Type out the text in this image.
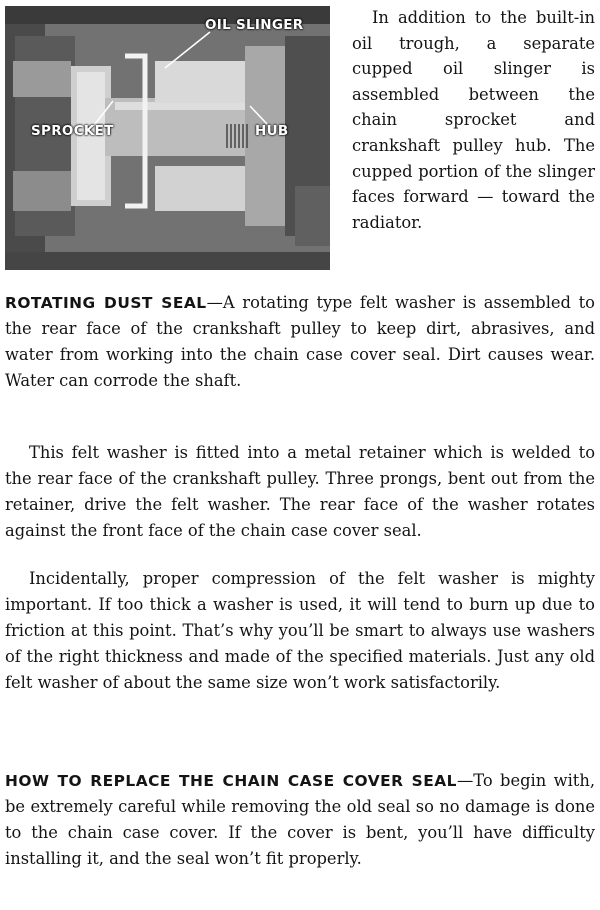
OIL SLINGER
SPROCKET	HUB

In addition to the built-in oil trough, a separate cupped oil slinger is assembled between the chain sprocket and crankshaft pulley hub. The cupped portion of the slinger faces forward — toward the radiator.

ROTATING DUST SEAL—A rotating type felt washer is assembled to the rear face of the crankshaft pulley to keep dirt, abrasives, and water from working into the chain case cover seal. Dirt causes wear. Water can corrode the shaft.

This felt washer is fitted into a metal retainer which is welded to the rear face of the crankshaft pulley. Three prongs, bent out from the retainer, drive the felt washer. The rear face of the washer rotates against the front face of the chain case cover seal.

Incidentally, proper compression of the felt washer is mighty important. If too thick a washer is used, it will tend to burn up due to friction at this point. That’s why you’ll be smart to always use washers of the right thickness and made of the specified materials. Just any old felt washer of about the same size won’t work satisfactorily.

HOW TO REPLACE THE CHAIN CASE COVER SEAL—To begin with, be extremely careful while removing the old seal so no damage is done to the chain case cover. If the cover is bent, you’ll have difficulty installing it, and the seal won’t fit properly.
